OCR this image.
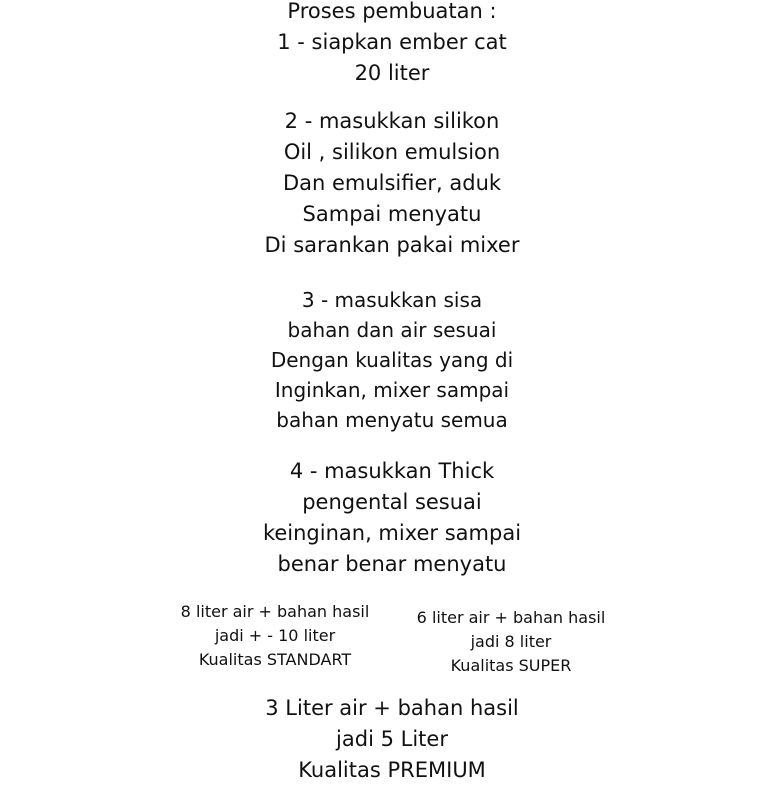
Proses pembuatan :
1 - siapkan ember cat
20 liter
2 - masukkan silikon
Oil , silikon emulsion
Dan emulsifier, aduk
Sampai menyatu
Di sarankan pakai mixer
3 - masukkan sisa
bahan dan air sesuai
Dengan kualitas yang di
Inginkan, mixer sampai
bahan menyatu semua
4 - masukkan Thick
pengental sesuai
keinginan, mixer sampai
benar benar menyatu
8 liter air + bahan hasil
jadi + - 10 liter
Kualitas STANDART
6 liter air + bahan hasil
jadi 8 liter
Kualitas SUPER
3 Liter air + bahan hasil
jadi 5 Liter
Kualitas PREMIUM
